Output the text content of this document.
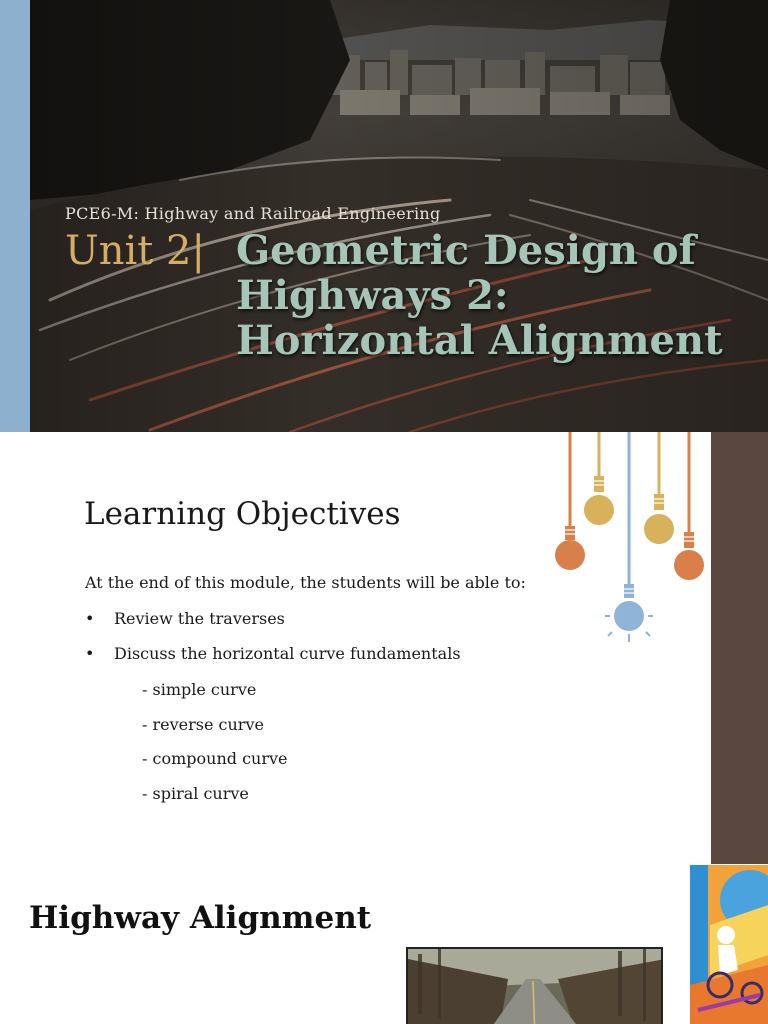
PCE6-M: Highway and Railroad Engineering
Unit 2| Geometric Design of
Highways 2:
Horizontal Alignment
Learning Objectives
At the end of this module, the students will be able to:
• Review the traverses
• Discuss the horizontal curve fundamentals
- simple curve
- reverse curve
- compound curve
- spiral curve
Highway Alignment
